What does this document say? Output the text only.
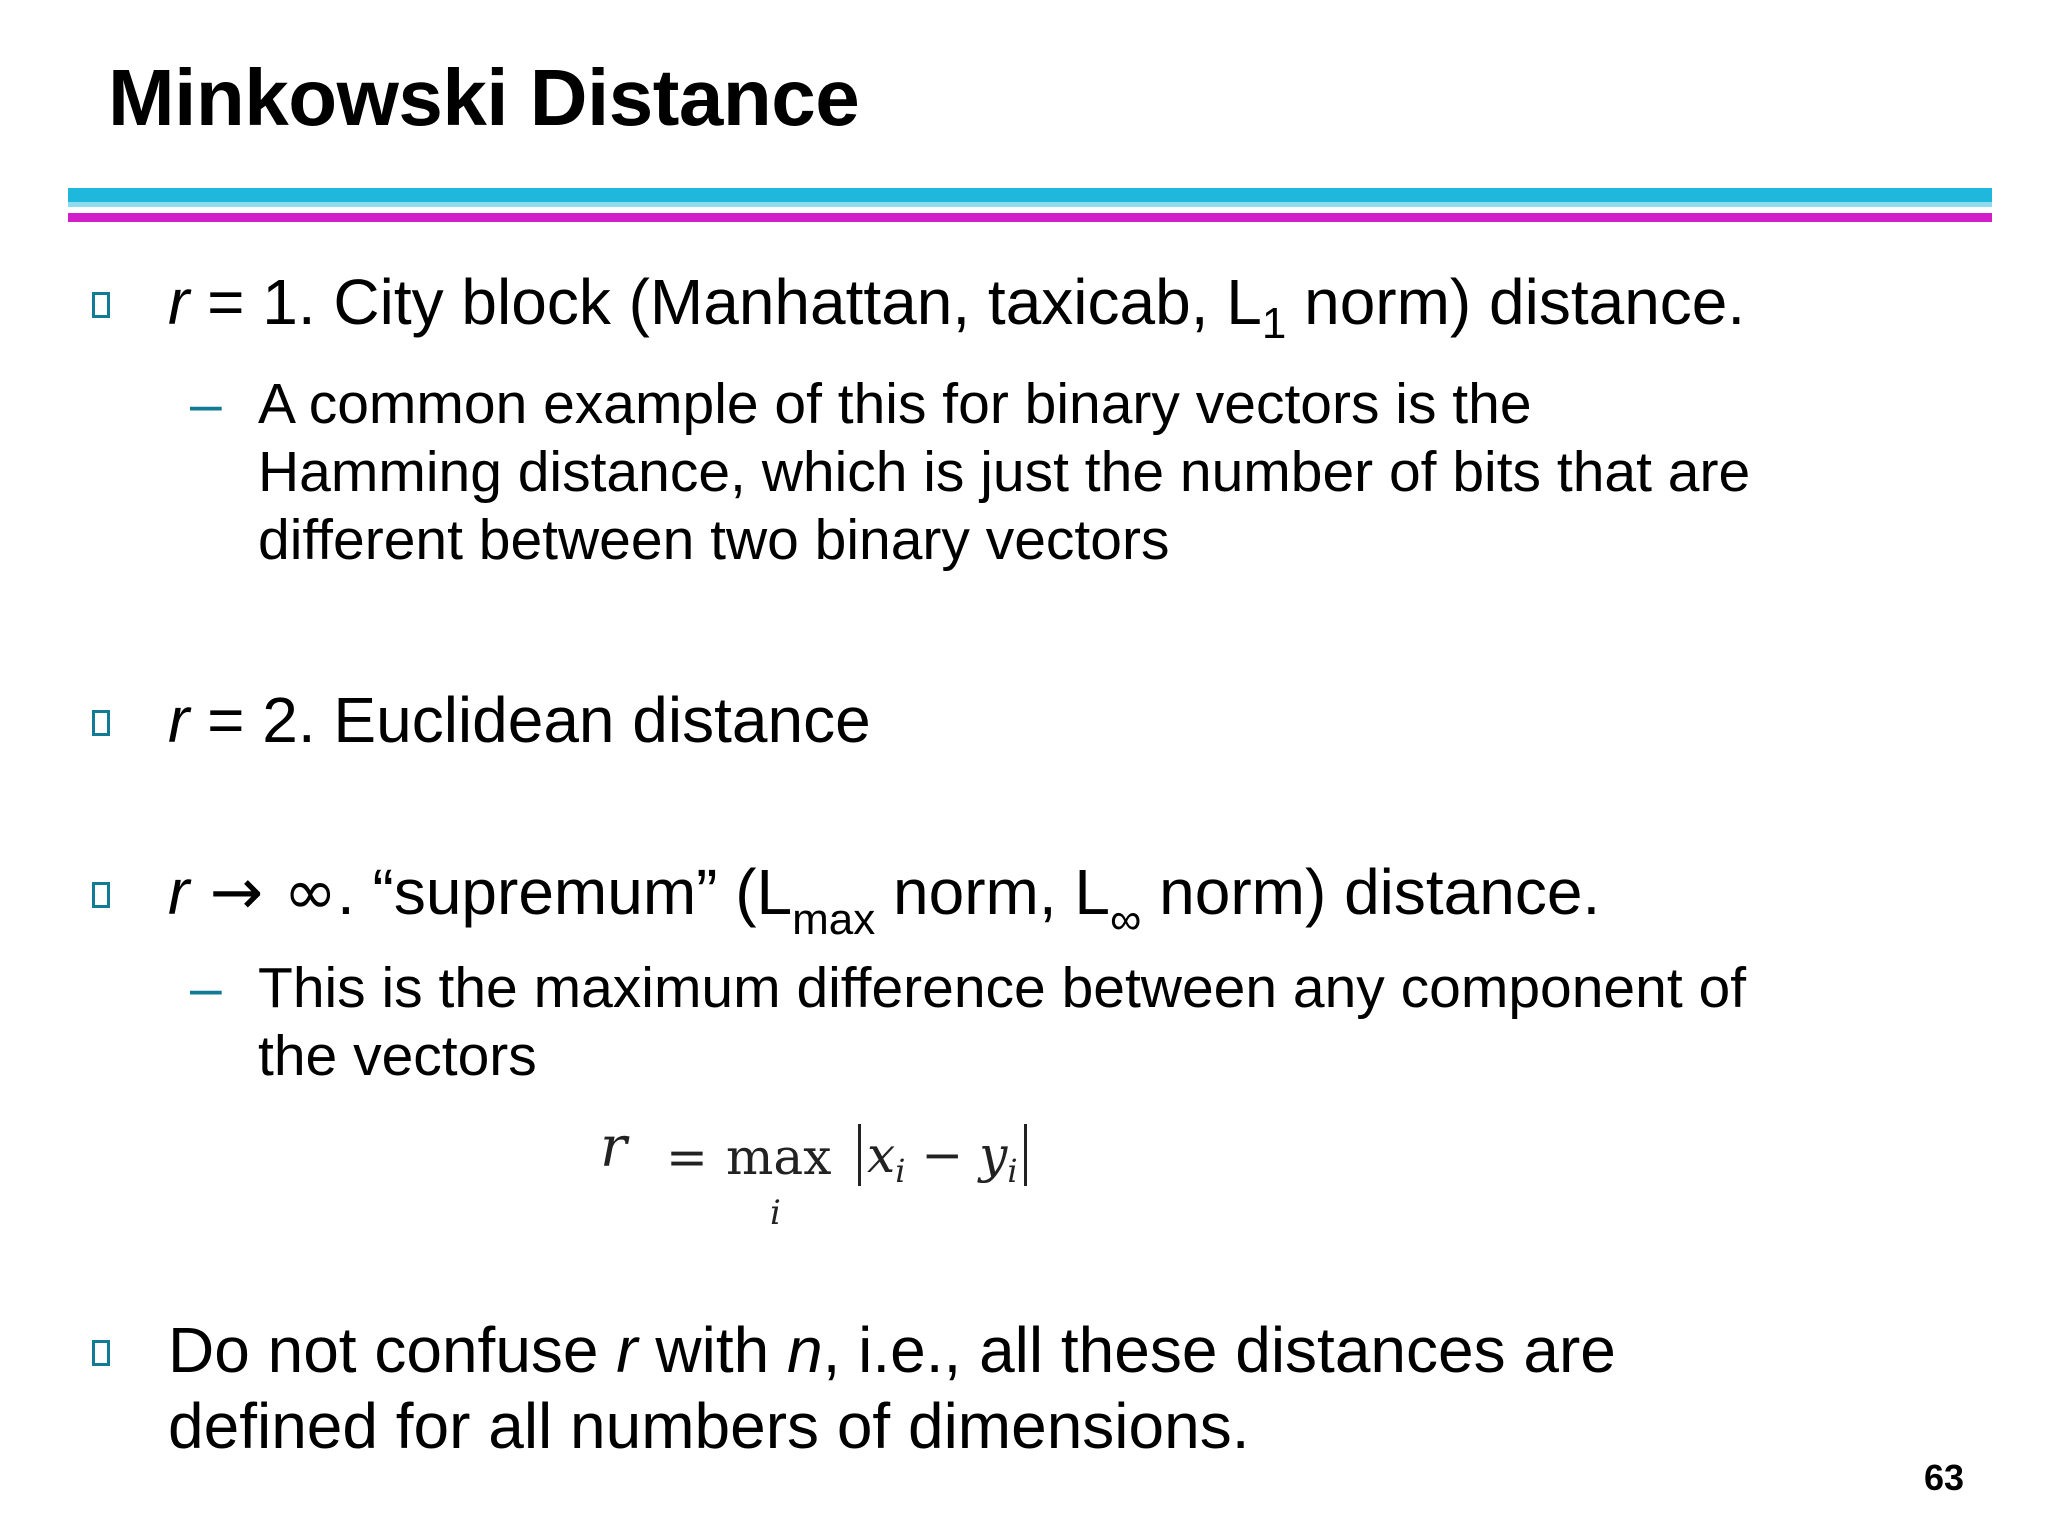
Minkowski Distance
r = 1. City block (Manhattan, taxicab, $L_1$ norm) distance.
– A common example of this for binary vectors is the
Hamming distance, which is just the number of bits that are
different between two binary vectors
r = 2. Euclidean distance
r → ∞. “supremum” ($L_{max}$ norm, $L_\infty$ norm) distance.
– This is the maximum difference between any component of
the vectors
r = max
i
$x_i - y_i$
Do not confuse r with n, i.e., all these distances are
defined for all numbers of dimensions.
63
